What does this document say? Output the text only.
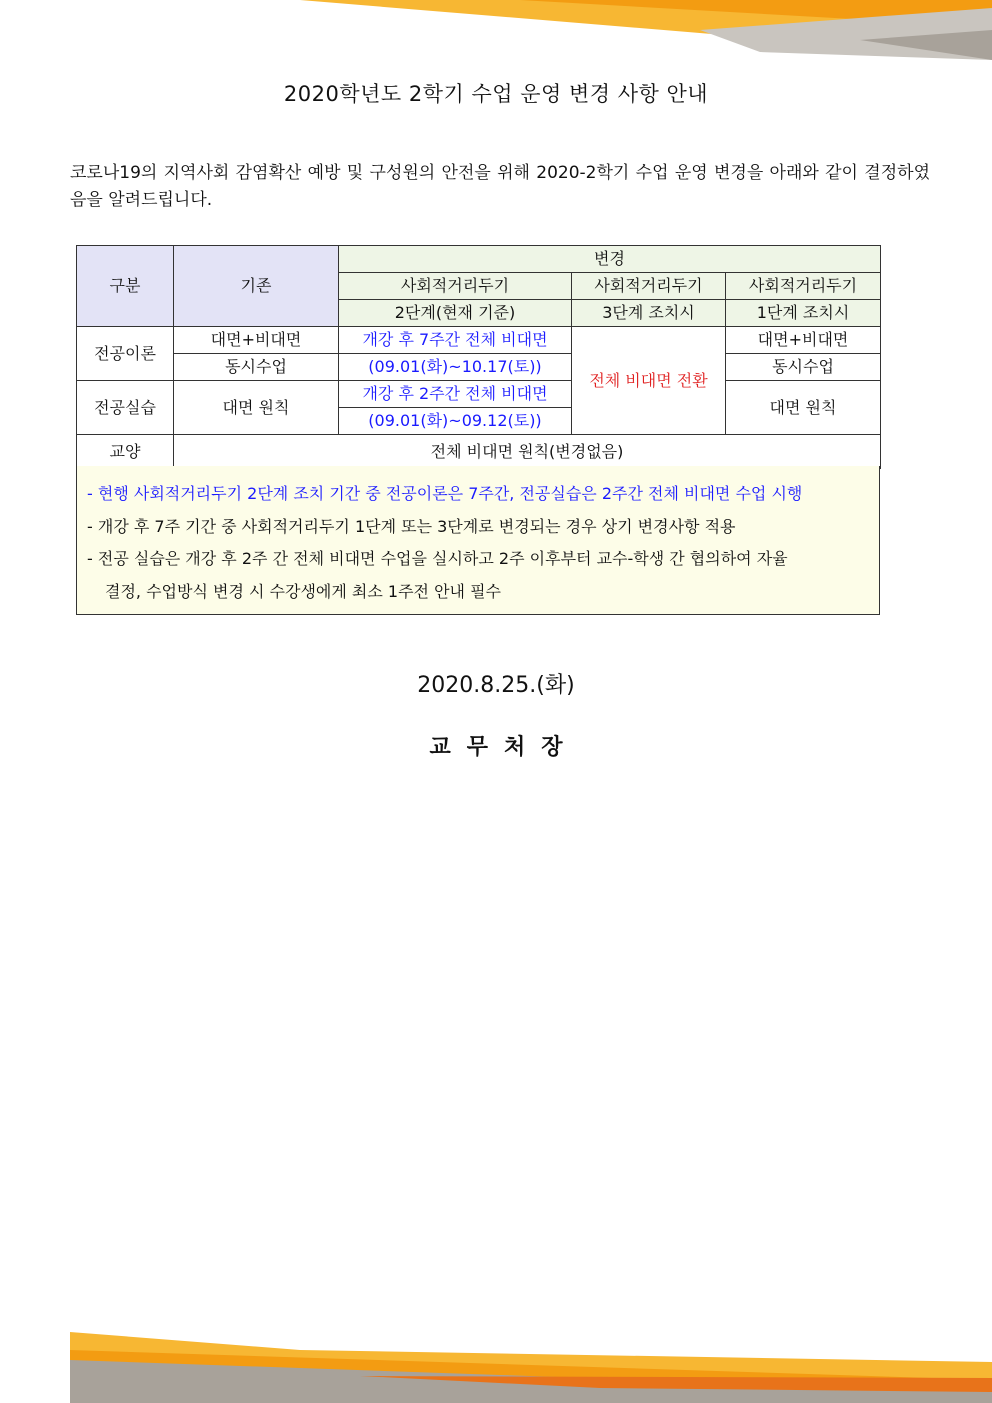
2020학년도 2학기 수업 운영 변경 사항 안내
코로나19의 지역사회 감염확산 예방 및 구성원의 안전을 위해 2020-2학기 수업 운영 변경을 아래와 같이 결정하였음을 알려드립니다.
구분	기존	변경		
		사회적거리두기	사회적거리두기	사회적거리두기
		2단계(현재 기준)	3단계 조치시	1단계 조치시
전공이론	대면+비대면	개강 후 7주간 전체 비대면	전체 비대면 전환	대면+비대면
	동시수업	(09.01(화)~10.17(토))		동시수업
전공실습	대면 원칙	개강 후 2주간 전체 비대면		대면 원칙
		(09.01(화)~09.12(토))		
교양	전체 비대면 원칙(변경없음)			
- 현행 사회적거리두기 2단계 조치 기간 중 전공이론은 7주간, 전공실습은 2주간 전체 비대면 수업 시행
- 개강 후 7주 기간 중 사회적거리두기 1단계 또는 3단계로 변경되는 경우 상기 변경사항 적용
- 전공 실습은 개강 후 2주 간 전체 비대면 수업을 실시하고 2주 이후부터 교수-학생 간 협의하여 자율
결정, 수업방식 변경 시 수강생에게 최소 1주전 안내 필수
2020.8.25.(화)
교무처장
